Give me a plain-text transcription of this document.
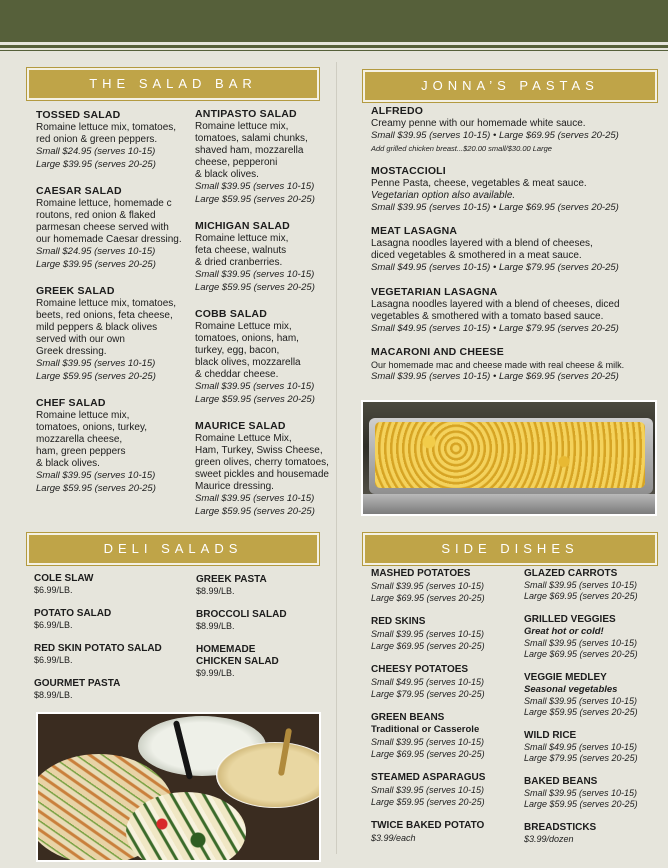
THE SALAD BAR
TOSSED SALAD
Romaine lettuce mix, tomatoes,
red onion & green peppers.
Small $24.95 (serves 10-15)
Large $39.95 (serves 20-25)
CAESAR SALAD
Romaine lettuce, homemade c
routons, red onion & flaked
parmesan cheese served with
our homemade Caesar dressing.
Small $24.95 (serves 10-15)
Large $39.95 (serves 20-25)
GREEK SALAD
Romaine lettuce mix, tomatoes,
beets, red onions, feta cheese,
mild peppers & black olives
served with our own
Greek dressing.
Small $39.95 (serves 10-15)
Large $59.95 (serves 20-25)
CHEF SALAD
Romaine lettuce mix,
tomatoes, onions, turkey,
mozzarella cheese,
ham, green peppers
& black olives.
Small $39.95 (serves 10-15)
Large $59.95 (serves 20-25)
ANTIPASTO SALAD
Romaine lettuce mix,
tomatoes, salami chunks,
shaved ham, mozzarella
cheese, pepperoni
& black olives.
Small $39.95 (serves 10-15)
Large $59.95 (serves 20-25)
MICHIGAN SALAD
Romaine lettuce mix,
feta cheese, walnuts
& dried cranberries.
Small $39.95 (serves 10-15)
Large $59.95 (serves 20-25)
COBB SALAD
Romaine Lettuce mix,
tomatoes, onions, ham,
turkey, egg, bacon,
black olives, mozzarella
& cheddar cheese.
Small $39.95 (serves 10-15)
Large $59.95 (serves 20-25)
MAURICE SALAD
Romaine Lettuce Mix,
Ham, Turkey, Swiss Cheese,
green olives, cherry tomatoes,
sweet pickles and housemade
Maurice dressing.
Small $39.95 (serves 10-15)
Large $59.95 (serves 20-25)
JONNA’S PASTAS
ALFREDO
Creamy penne with our homemade white sauce.
Small $39.95 (serves 10-15) • Large $69.95 (serves 20-25)
Add grilled chicken breast...$20.00 small/$30.00 Large
MOSTACCIOLI
Penne Pasta, cheese, vegetables & meat sauce.
Vegetarian option also available.
Small $39.95 (serves 10-15) • Large $69.95 (serves 20-25)
MEAT LASAGNA
Lasagna noodles layered with a blend of cheeses,
diced vegetables & smothered in a meat sauce.
Small $49.95 (serves 10-15) • Large $79.95 (serves 20-25)
VEGETARIAN LASAGNA
Lasagna noodles layered with a blend of cheeses, diced
vegetables & smothered with a tomato based sauce.
Small $49.95 (serves 10-15) • Large $79.95 (serves 20-25)
MACARONI AND CHEESE
Our homemade mac and cheese made with real cheese & milk.
Small $39.95 (serves 10-15) • Large $69.95 (serves 20-25)
DELI SALADS
COLE SLAW
$6.99/LB.
POTATO SALAD
$6.99/LB.
RED SKIN POTATO SALAD
$6.99/LB.
GOURMET PASTA
$8.99/LB.
GREEK PASTA
$8.99/LB.
BROCCOLI SALAD
$8.99/LB.
HOMEMADE
CHICKEN SALAD
$9.99/LB.
SIDE DISHES
MASHED POTATOES
Small $39.95 (serves 10-15)
Large $69.95 (serves 20-25)
RED SKINS
Small $39.95 (serves 10-15)
Large $69.95 (serves 20-25)
CHEESY POTATOES
Small $49.95 (serves 10-15)
Large $79.95 (serves 20-25)
GREEN BEANS
Traditional or Casserole
Small $39.95 (serves 10-15)
Large $69.95 (serves 20-25)
STEAMED ASPARAGUS
Small $39.95 (serves 10-15)
Large $59.95 (serves 20-25)
TWICE BAKED POTATO
$3.99/each
GLAZED CARROTS
Small $39.95 (serves 10-15)
Large $69.95 (serves 20-25)
GRILLED VEGGIES
Great hot or cold!
Small $39.95 (serves 10-15)
Large $69.95 (serves 20-25)
VEGGIE MEDLEY
Seasonal vegetables
Small $39.95 (serves 10-15)
Large $59.95 (serves 20-25)
WILD RICE
Small $49.95 (serves 10-15)
Large $79.95 (serves 20-25)
BAKED BEANS
Small $39.95 (serves 10-15)
Large $59.95 (serves 20-25)
BREADSTICKS
$3.99/dozen
